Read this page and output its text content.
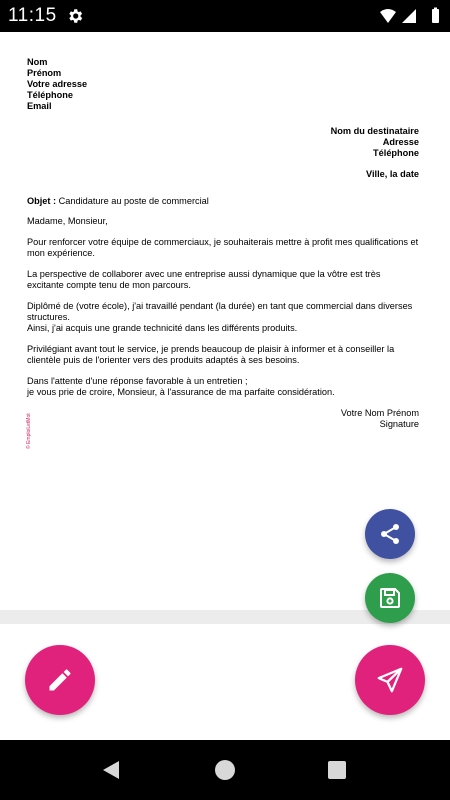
11:15
Nom
Prénom
Votre adresse
Téléphone
Email
Nom du destinataire
Adresse
Téléphone
Ville, la date
Objet : Candidature au poste de commercial
Madame, Monsieur,
Pour renforcer votre équipe de commerciaux, je souhaiterais mettre à profit mes qualifications et mon expérience.
La perspective de collaborer avec une entreprise aussi dynamique que la vôtre est très excitante compte tenu de mon parcours.
Diplômé de (votre école), j'ai travaillé pendant (la durée) en tant que commercial dans diverses structures.
Ainsi, j'ai acquis une grande technicité dans les différents produits.
Privilégiant avant tout le service, je prends beaucoup de plaisir à informer et à conseiller la clientèle puis de l'orienter vers des produits adaptés à ses besoins.
Dans l'attente d'une réponse favorable à un entretien ;
je vous prie de croire, Monsieur, à l'assurance de ma parfaite considération.
Votre Nom Prénom
Signature
© EmploiLetMot
